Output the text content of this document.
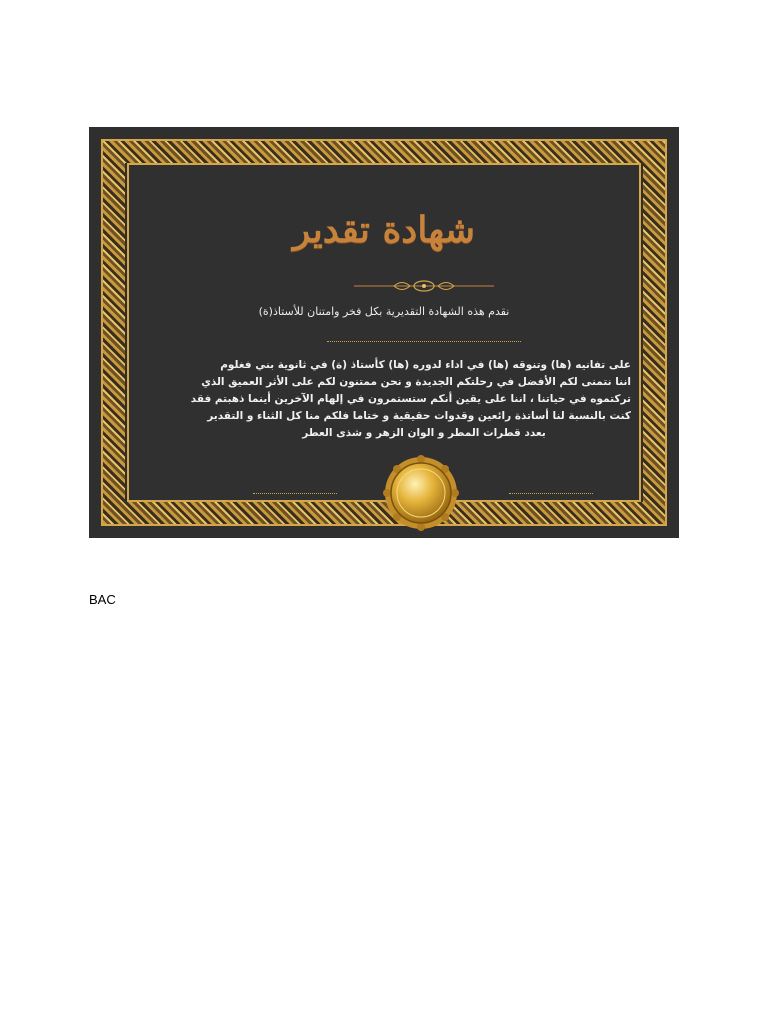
شهادة تقدير
نقدم هذه الشهادة التقديرية بكل فخر وامتنان للأستاذ(ة)

على تفانيه (ها) وتنوقه (ها) في اداء لدوره (ها) كأستاذ (ة) في ثانوية بني فغلوم

اننا نتمنى لكم الأفضل في رحلتكم الجديدة و نحن ممتنون لكم على الأثر العميق الذي

تركتموه في حياتنا ، اننا على يقين أنكم ستستمرون في إلهام الآخرين أينما ذهبتم فقد

كنت بالنسبة لنا أساتذة رائعين وقدوات حقيقية و ختاما فلكم منا كل الثناء و التقدير

بعدد قطرات المطر و الوان الزهر و شذى العطر

BAC
